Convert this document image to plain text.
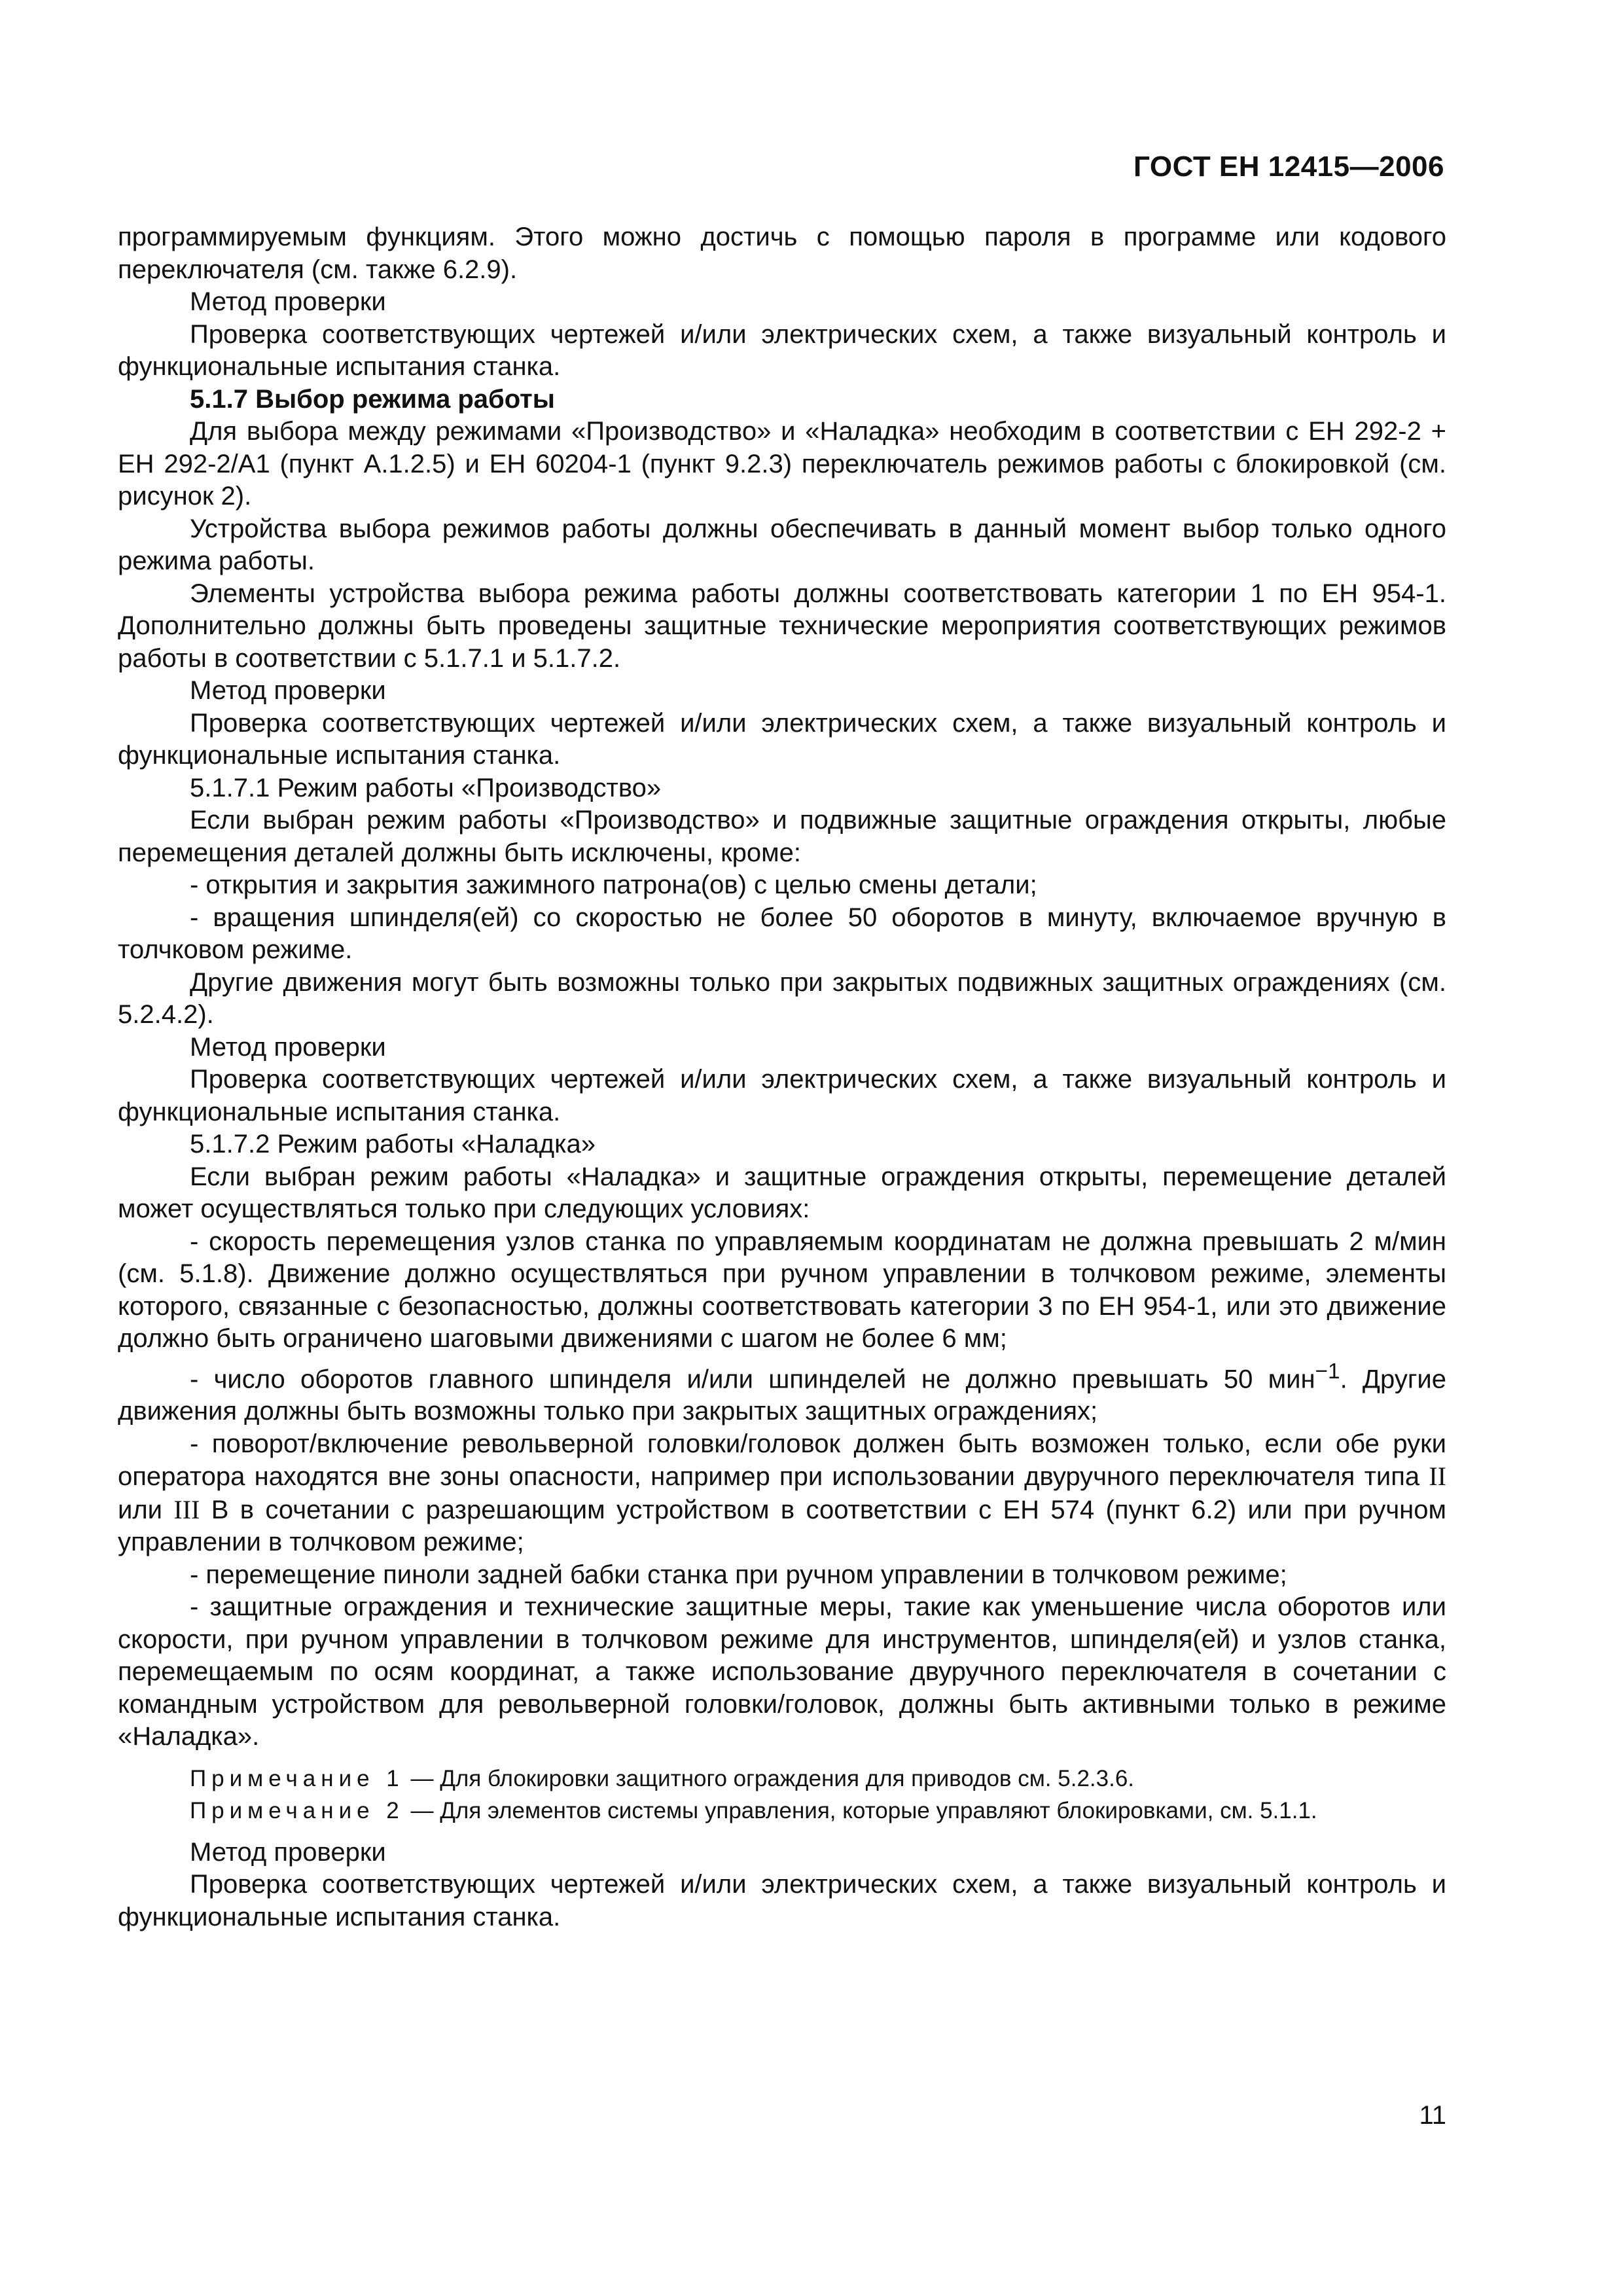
ГОСТ ЕН 12415—2006

программируемым функциям. Этого можно достичь с помощью пароля в программе или кодового переключателя (см. также 6.2.9).

Метод проверки

Проверка соответствующих чертежей и/или электрических схем, а также визуальный контроль и функциональные испытания станка.

5.1.7 Выбор режима работы

Для выбора между режимами «Производство» и «Наладка» необходим в соответствии с ЕН 292-2 + ЕН 292-2/A1 (пункт A.1.2.5) и ЕН 60204-1 (пункт 9.2.3) переключатель режимов работы с блокировкой (см. рисунок 2).

Устройства выбора режимов работы должны обеспечивать в данный момент выбор только одного режима работы.

Элементы устройства выбора режима работы должны соответствовать категории 1 по ЕН 954-1. Дополнительно должны быть проведены защитные технические мероприятия соответствующих режимов работы в соответствии с 5.1.7.1 и 5.1.7.2.

Метод проверки

Проверка соответствующих чертежей и/или электрических схем, а также визуальный контроль и функциональные испытания станка.

5.1.7.1 Режим работы «Производство»

Если выбран режим работы «Производство» и подвижные защитные ограждения открыты, любые перемещения деталей должны быть исключены, кроме:

- открытия и закрытия зажимного патрона(ов) с целью смены детали;

- вращения шпинделя(ей) со скоростью не более 50 оборотов в минуту, включаемое вручную в толчковом режиме.

Другие движения могут быть возможны только при закрытых подвижных защитных ограждениях (см. 5.2.4.2).

Метод проверки

Проверка соответствующих чертежей и/или электрических схем, а также визуальный контроль и функциональные испытания станка.

5.1.7.2 Режим работы «Наладка»

Если выбран режим работы «Наладка» и защитные ограждения открыты, перемещение деталей может осуществляться только при следующих условиях:

- скорость перемещения узлов станка по управляемым координатам не должна превышать 2 м/мин (см. 5.1.8). Движение должно осуществляться при ручном управлении в толчковом режиме, элементы которого, связанные с безопасностью, должны соответствовать категории 3 по ЕН 954-1, или это движение должно быть ограничено шаговыми движениями с шагом не более 6 мм;

- число оборотов главного шпинделя и/или шпинделей не должно превышать 50 мин$^{-1}$. Другие движения должны быть возможны только при закрытых защитных ограждениях;

- поворот/включение револьверной головки/головок должен быть возможен только, если обе руки оператора находятся вне зоны опасности, например при использовании двуручного переключателя типа II или III В в сочетании с разрешающим устройством в соответствии с ЕН 574 (пункт 6.2) или при ручном управлении в толчковом режиме;

- перемещение пиноли задней бабки станка при ручном управлении в толчковом режиме;

- защитные ограждения и технические защитные меры, такие как уменьшение числа оборотов или скорости, при ручном управлении в толчковом режиме для инструментов, шпинделя(ей) и узлов станка, перемещаемым по осям координат, а также использование двуручного переключателя в сочетании с командным устройством для револьверной головки/головок, должны быть активными только в режиме «Наладка».

Примечание 1 — Для блокировки защитного ограждения для приводов см. 5.2.3.6.

Примечание 2 — Для элементов системы управления, которые управляют блокировками, см. 5.1.1.

Метод проверки

Проверка соответствующих чертежей и/или электрических схем, а также визуальный контроль и функциональные испытания станка.

11
